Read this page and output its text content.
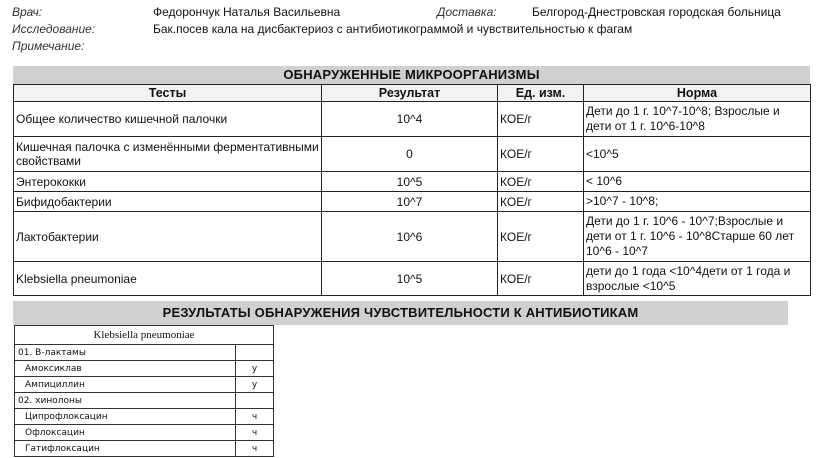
Врач:	Федорончук Наталья Васильевна	Доставка:	Белгород-Днестровская городская больница
Исследование:	Бак.посев кала на дисбактериоз с антибиотикограммой и чувствительностью к фагам
Примечание:
ОБНАРУЖЕННЫЕ МИКРООРГАНИЗМЫ
Тесты	Результат	Ед. изм.	Норма
Общее количество кишечной палочки	10^4	КОЕ/г	Дети до 1 г. 10^7-10^8; Взрослые и дети от 1 г. 10^6-10^8
Кишечная палочка с изменёнными ферментативными свойствами	0	КОЕ/г	<10^5
Энтерококки	10^5	КОЕ/г	< 10^6
Бифидобактерии	10^7	КОЕ/г	>10^7 - 10^8;
Лактобактерии	10^6	КОЕ/г	Дети до 1 г. 10^6 - 10^7;Взрослые и дети от 1 г. 10^6 - 10^8Старше 60 лет 10^6 - 10^7
Klebsiella pneumoniae	10^5	КОЕ/г	дети до 1 года <10^4дети от 1 года и взрослые <10^5
РЕЗУЛЬТАТЫ ОБНАРУЖЕНИЯ ЧУВСТВИТЕЛЬНОСТИ К АНТИБИОТИКАМ
Klebsiella pneumoniae	
01. В-лактамы	
Амоксиклав	у
Ампициллин	у
02. хинолоны	
Ципрофлоксацин	ч
Офлоксацин	ч
Гатифлоксацин	ч
